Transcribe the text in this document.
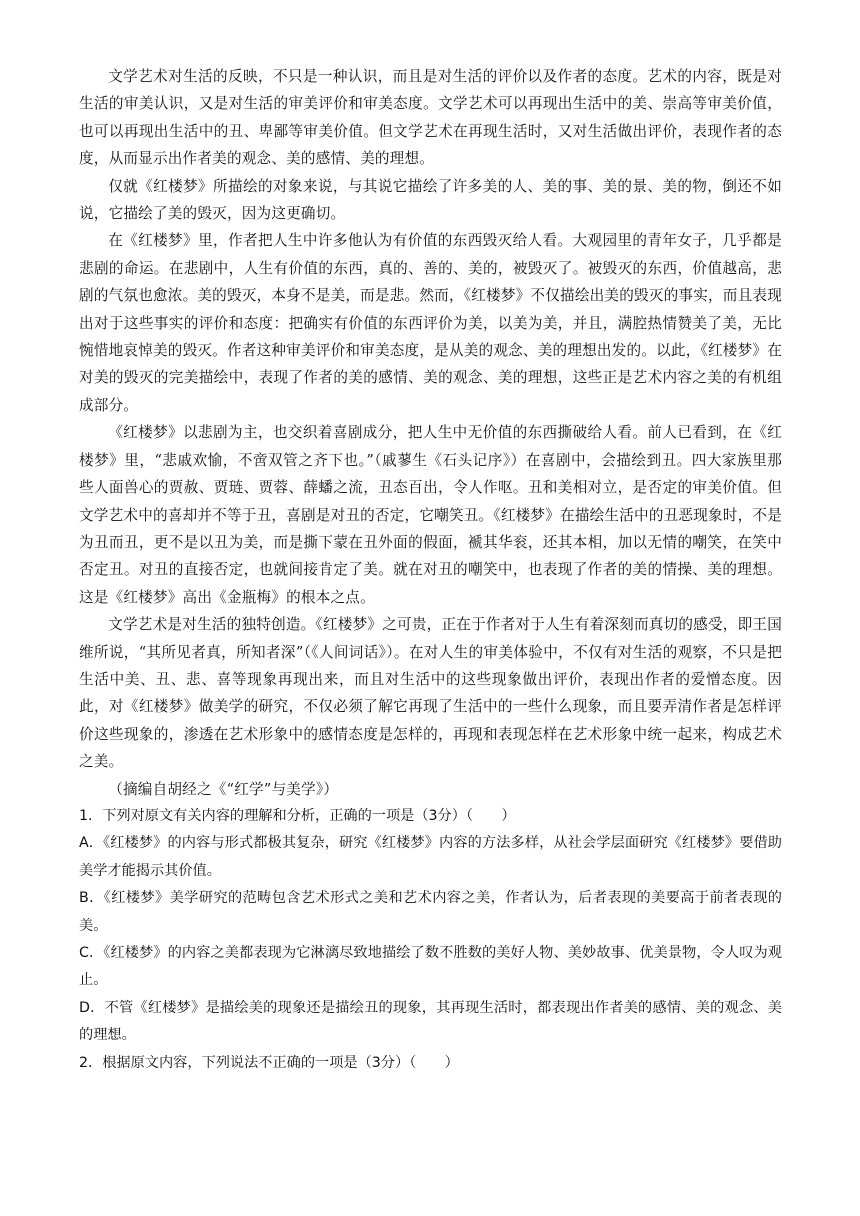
文学艺术对生活的反映，不只是一种认识，而且是对生活的评价以及作者的态度。艺术的内容，既是对生活的审美认识，又是对生活的审美评价和审美态度。文学艺术可以再现出生活中的美、崇高等审美价值，也可以再现出生活中的丑、卑鄙等审美价值。但文学艺术在再现生活时，又对生活做出评价，表现作者的态度，从而显示出作者美的观念、美的感情、美的理想。

仅就《红楼梦》所描绘的对象来说，与其说它描绘了许多美的人、美的事、美的景、美的物，倒还不如说，它描绘了美的毁灭，因为这更确切。

在《红楼梦》里，作者把人生中许多他认为有价值的东西毁灭给人看。大观园里的青年女子，几乎都是悲剧的命运。在悲剧中，人生有价值的东西，真的、善的、美的，被毁灭了。被毁灭的东西，价值越高，悲剧的气氛也愈浓。美的毁灭，本身不是美，而是悲。然而，《红楼梦》不仅描绘出美的毁灭的事实，而且表现出对于这些事实的评价和态度：把确实有价值的东西评价为美，以美为美，并且，满腔热情赞美了美，无比惋惜地哀悼美的毁灭。作者这种审美评价和审美态度，是从美的观念、美的理想出发的。以此，《红楼梦》在对美的毁灭的完美描绘中，表现了作者的美的感情、美的观念、美的理想，这些正是艺术内容之美的有机组成部分。

《红楼梦》以悲剧为主，也交织着喜剧成分，把人生中无价值的东西撕破给人看。前人已看到，在《红楼梦》里，“悲戚欢愉，不啻双管之齐下也。”（戚蓼生《石头记序》）在喜剧中，会描绘到丑。四大家族里那些人面兽心的贾赦、贾琏、贾蓉、薛蟠之流，丑态百出，令人作呕。丑和美相对立，是否定的审美价值。但文学艺术中的喜却并不等于丑，喜剧是对丑的否定，它嘲笑丑。《红楼梦》在描绘生活中的丑恶现象时，不是为丑而丑，更不是以丑为美，而是撕下蒙在丑外面的假面，褫其华衮，还其本相，加以无情的嘲笑，在笑中否定丑。对丑的直接否定，也就间接肯定了美。就在对丑的嘲笑中，也表现了作者的美的情操、美的理想。这是《红楼梦》高出《金瓶梅》的根本之点。

文学艺术是对生活的独特创造。《红楼梦》之可贵，正在于作者对于人生有着深刻而真切的感受，即王国维所说，“其所见者真，所知者深”（《人间词话》）。在对人生的审美体验中，不仅有对生活的观察，不只是把生活中美、丑、悲、喜等现象再现出来，而且对生活中的这些现象做出评价，表现出作者的爱憎态度。因此，对《红楼梦》做美学的研究，不仅必须了解它再现了生活中的一些什么现象，而且要弄清作者是怎样评价这些现象的，渗透在艺术形象中的感情态度是怎样的，再现和表现怎样在艺术形象中统一起来，构成艺术之美。

（摘编自胡经之《“红学”与美学》）

1．下列对原文有关内容的理解和分析，正确的一项是（3分）（　　）

A．《红楼梦》的内容与形式都极其复杂，研究《红楼梦》内容的方法多样，从社会学层面研究《红楼梦》要借助美学才能揭示其价值。

B．《红楼梦》美学研究的范畴包含艺术形式之美和艺术内容之美，作者认为，后者表现的美要高于前者表现的美。

C．《红楼梦》的内容之美都表现为它淋漓尽致地描绘了数不胜数的美好人物、美妙故事、优美景物，令人叹为观止。

D．不管《红楼梦》是描绘美的现象还是描绘丑的现象，其再现生活时，都表现出作者美的感情、美的观念、美的理想。

2．根据原文内容，下列说法不正确的一项是（3分）（　　）
